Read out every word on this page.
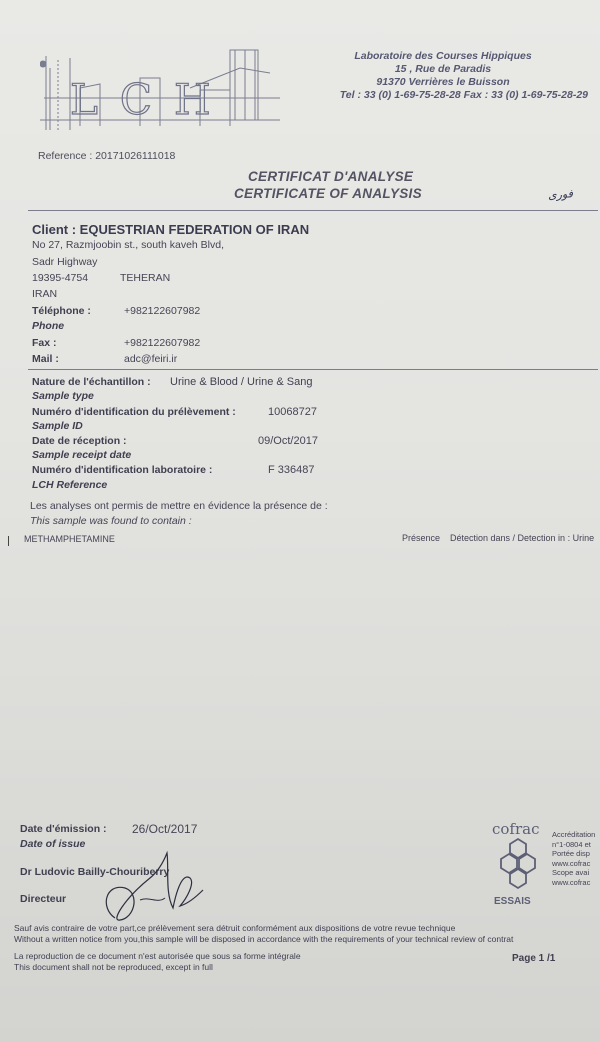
LCH
Laboratoire des Courses Hippiques
15 , Rue de Paradis
91370 Verrières le Buisson
Tel : 33 (0) 1-69-75-28-28 Fax : 33 (0) 1-69-75-28-29
Reference : 20171026111018
CERTIFICAT D'ANALYSE
CERTIFICATE OF ANALYSIS	فوری
Client : EQUESTRIAN FEDERATION OF IRAN
No 27, Razmjoobin st., south kaveh Blvd,
Sadr Highway
19395-4754	TEHERAN
IRAN
Téléphone :	+982122607982
Phone
Fax :	+982122607982
Mail :	adc@feiri.ir
Nature de l'échantillon : Urine & Blood / Urine & Sang
Sample type
Numéro d'identification du prélèvement :	10068727
Sample ID
Date de réception :	09/Oct/2017
Sample receipt date
Numéro d'identification laboratoire :	F 336487
LCH Reference
Les analyses ont permis de mettre en évidence la présence de :
This sample was found to contain :
METHAMPHETAMINE	Présence Détection dans / Detection in : Urine
Date d'émission : 26/Oct/2017
Date of issue
Dr Ludovic Bailly-Chouriberry
Directeur
cofrac
ESSAIS
Accréditation
n°1-0804 et
Portée disp
www.cofrac
Scope avai
www.cofrac
Sauf avis contraire de votre part,ce prélèvement sera détruit conformément aux dispositions de votre revue technique
Without a written notice from you,this sample will be disposed in accordance with the requirements of your technical review of contrat
La reproduction de ce document n'est autorisée que sous sa forme intégrale
This document shall not be reproduced, except in full
Page 1 /1
